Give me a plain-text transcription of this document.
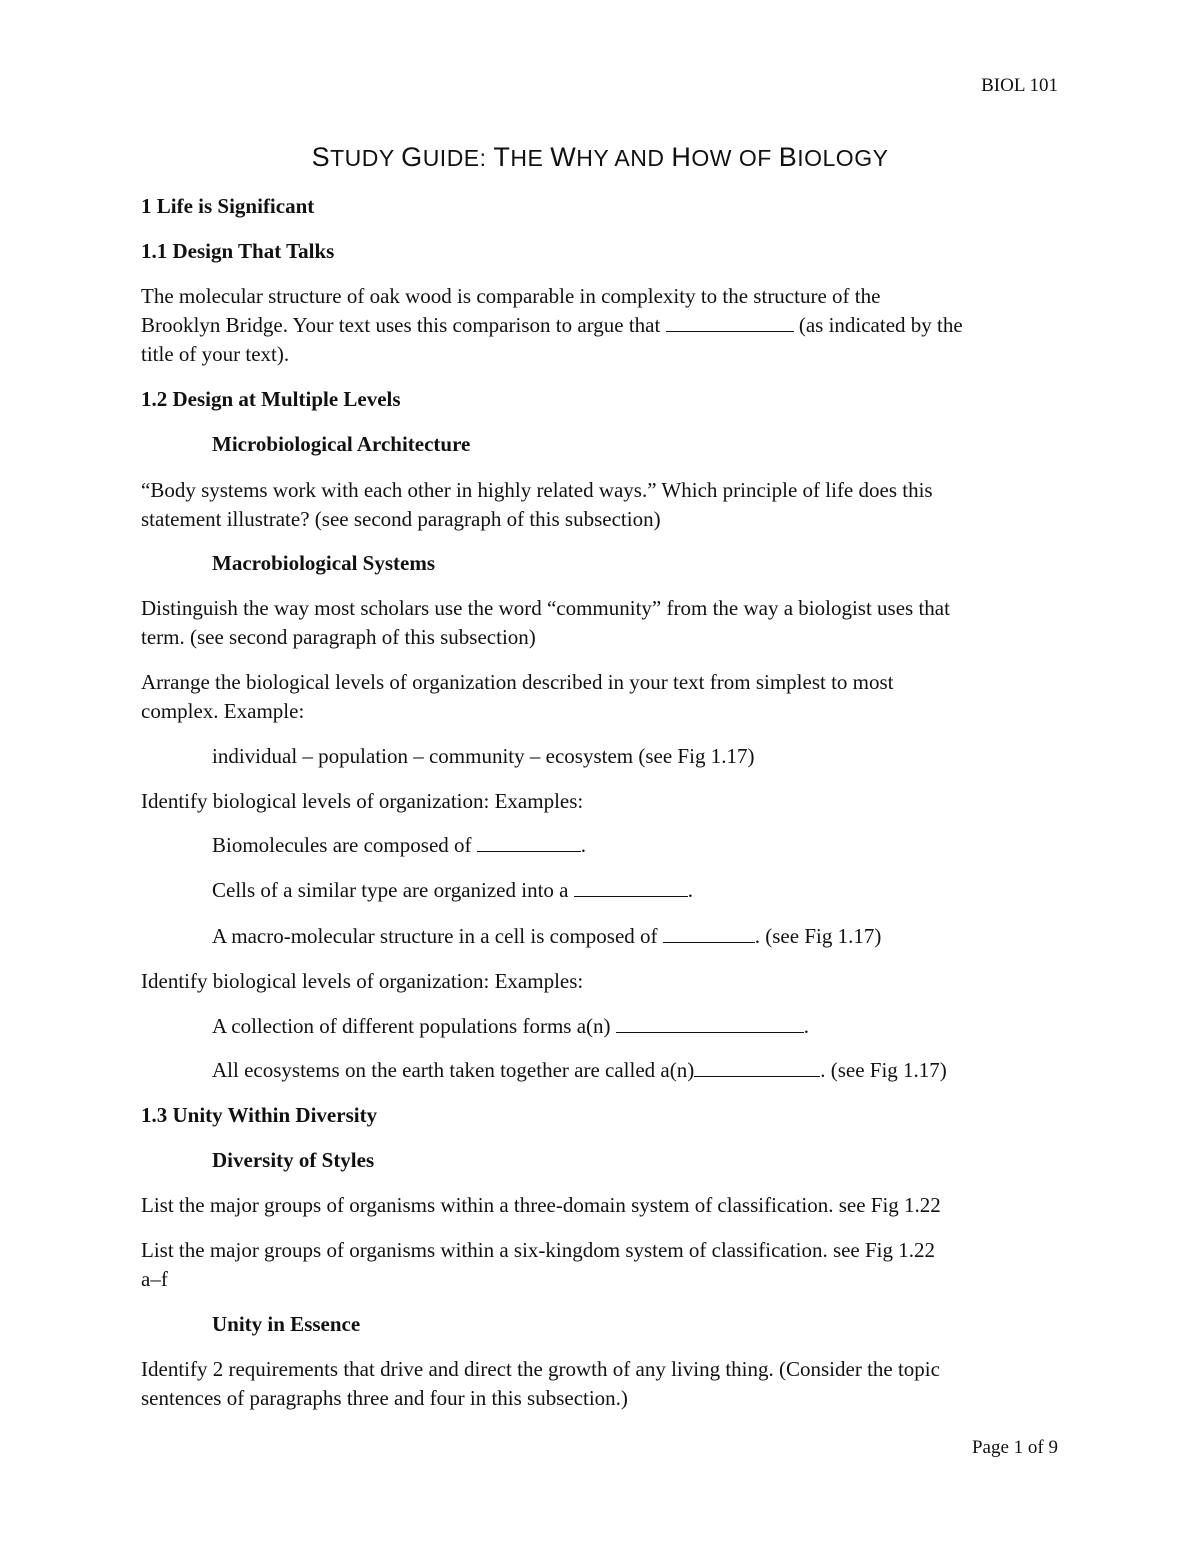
BIOL 101
STUDY GUIDE: THE WHY AND HOW OF BIOLOGY
1 Life is Significant
1.1 Design That Talks
The molecular structure of oak wood is comparable in complexity to the structure of the
Brooklyn Bridge. Your text uses this comparison to argue that	(as indicated by the
title of your text).
1.2 Design at Multiple Levels
Microbiological Architecture
“Body systems work with each other in highly related ways.” Which principle of life does this
statement illustrate? (see second paragraph of this subsection)
Macrobiological Systems
Distinguish the way most scholars use the word “community” from the way a biologist uses that
term. (see second paragraph of this subsection)
Arrange the biological levels of organization described in your text from simplest to most
complex. Example:
individual – population – community – ecosystem (see Fig 1.17)
Identify biological levels of organization: Examples:
Biomolecules are composed of	.
Cells of a similar type are organized into a	.
A macro-molecular structure in a cell is composed of	. (see Fig 1.17)
Identify biological levels of organization: Examples:
A collection of different populations forms a(n)	.
All ecosystems on the earth taken together are called a(n)	. (see Fig 1.17)
1.3 Unity Within Diversity
Diversity of Styles
List the major groups of organisms within a three-domain system of classification. see Fig 1.22
List the major groups of organisms within a six-kingdom system of classification. see Fig 1.22
a–f
Unity in Essence
Identify 2 requirements that drive and direct the growth of any living thing. (Consider the topic
sentences of paragraphs three and four in this subsection.)
Page 1 of 9
